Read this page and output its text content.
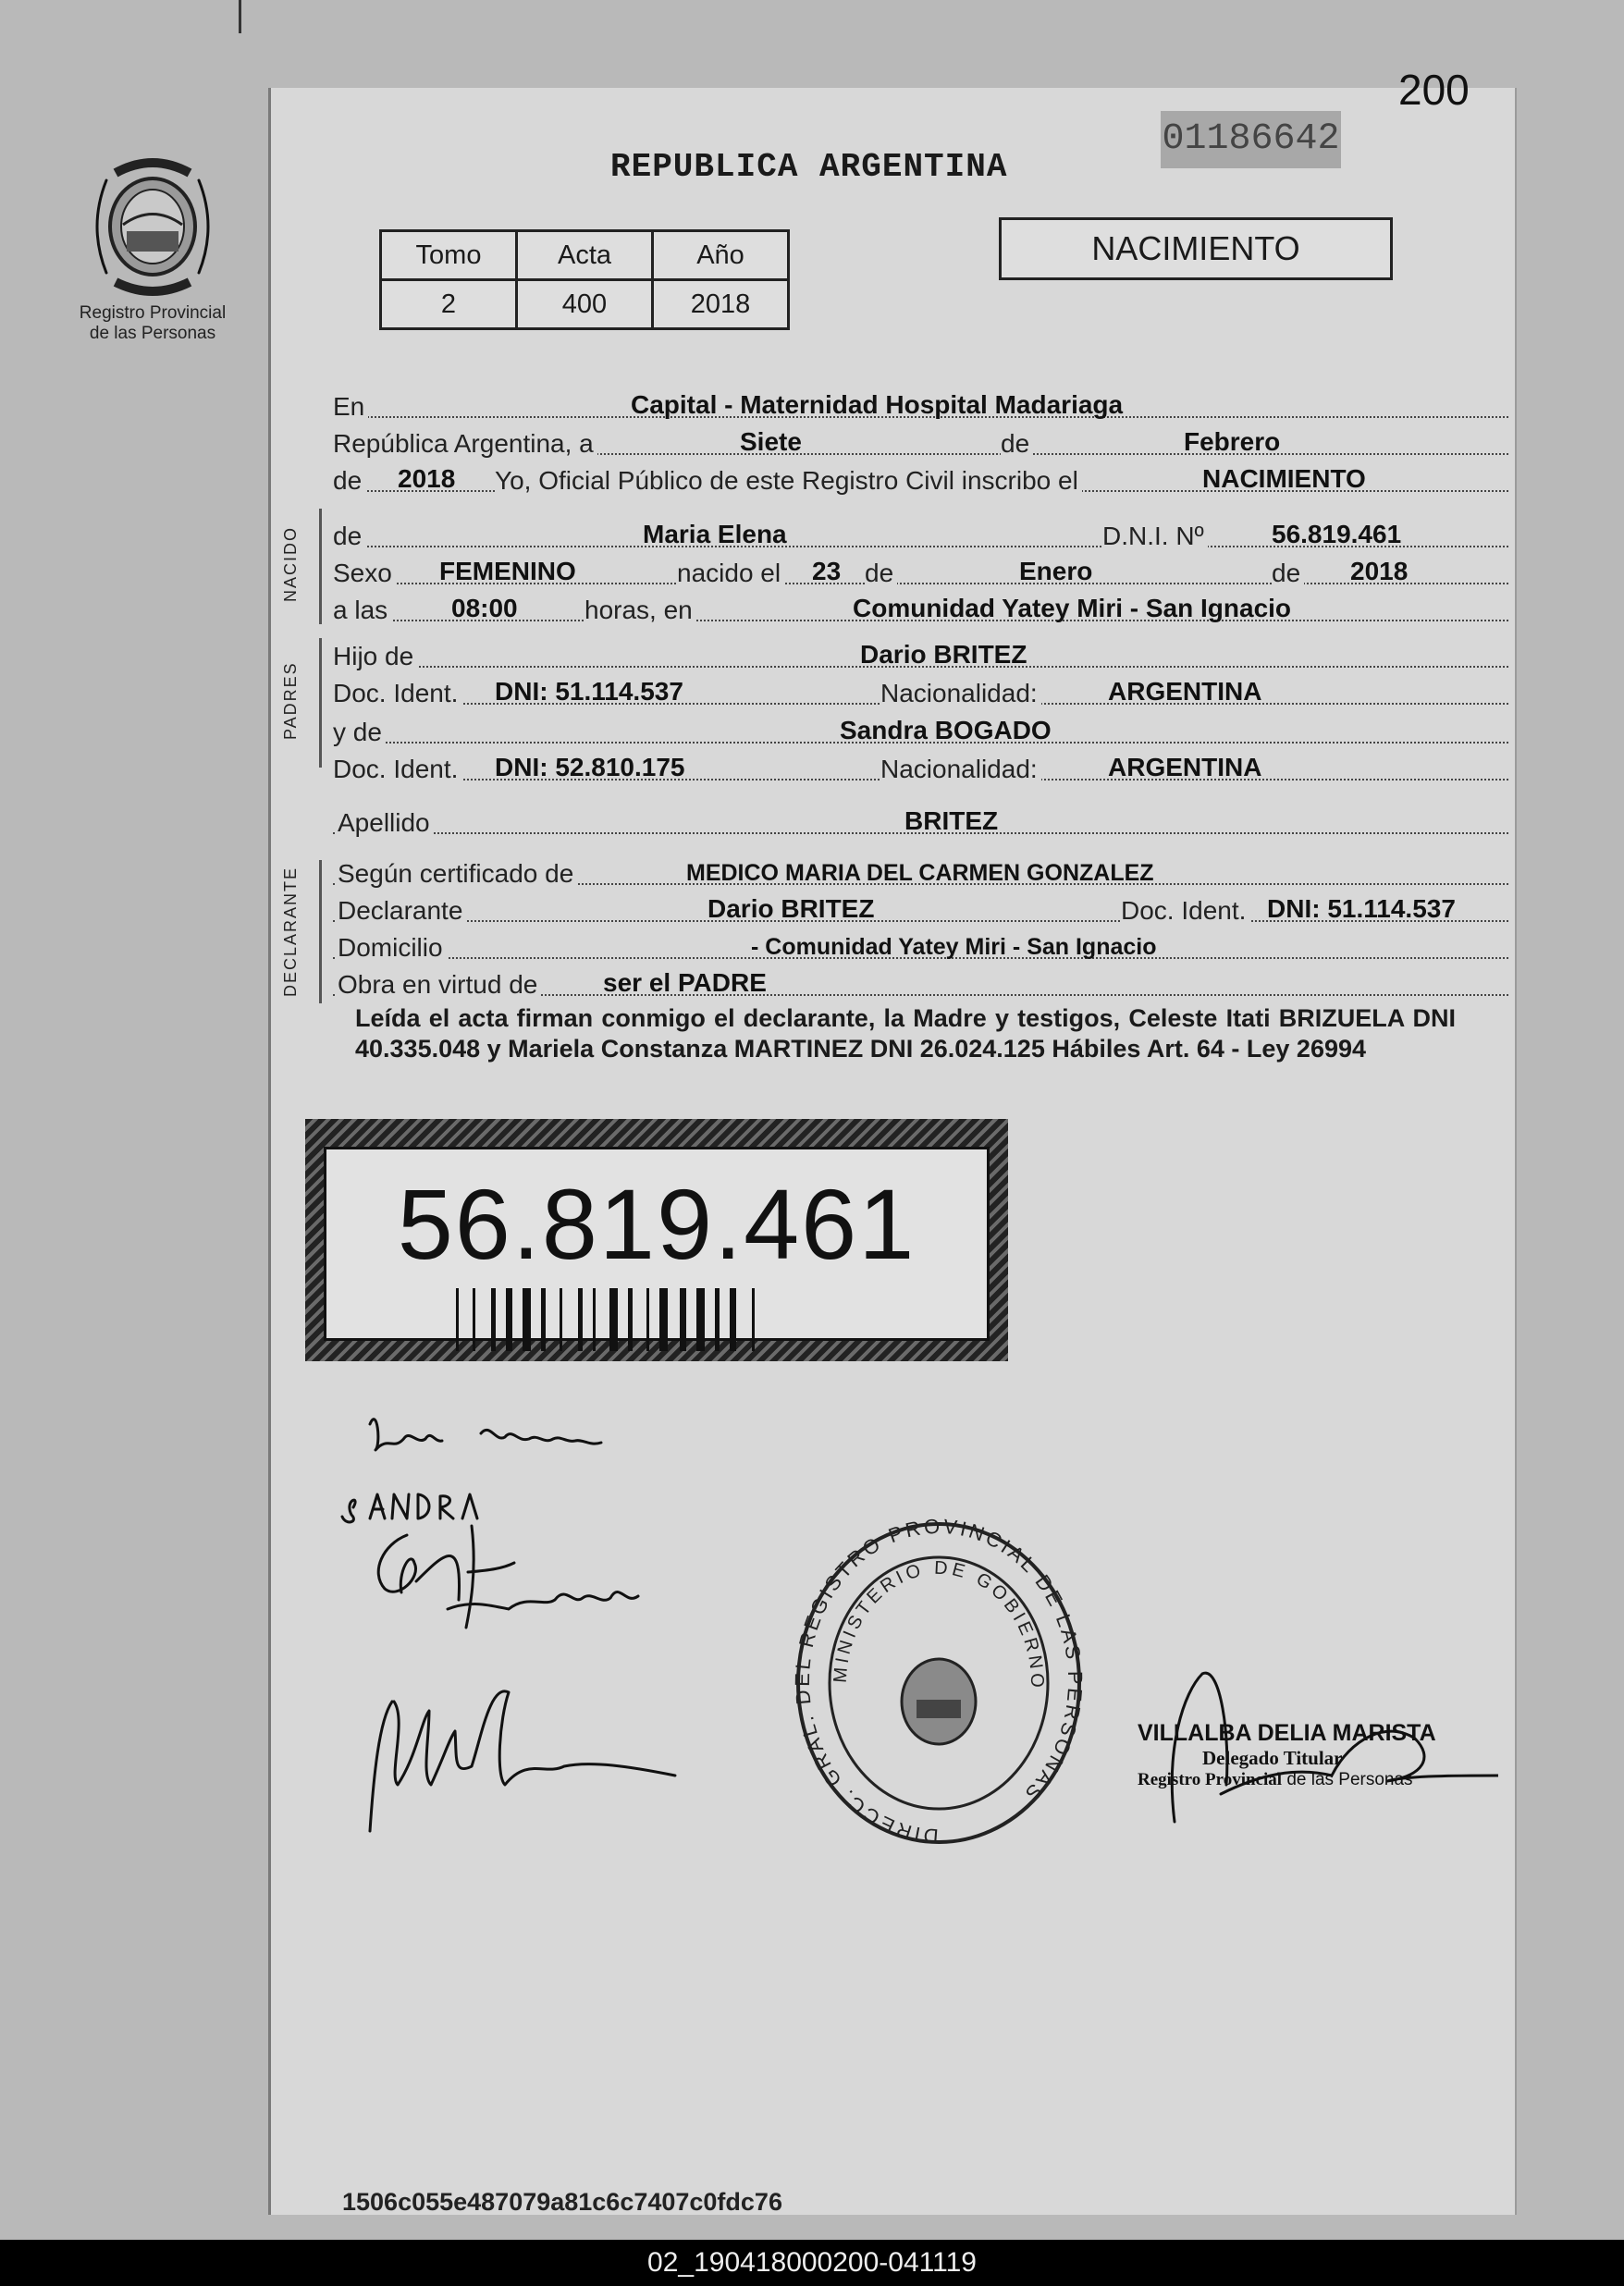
Registro Provincial
de las Personas
200
01186642
REPUBLICA ARGENTINA
Tomo	Acta	Año
2	400	2018
NACIMIENTO
En	Capital - Maternidad Hospital Madariaga
República Argentina, a	Siete	de	Febrero
de 2018 Yo, Oficial Público de este Registro Civil inscribo el	NACIMIENTO
NACIDO	de	Maria Elena	D.N.I. Nº	56.819.461
Sexo FEMENINO	nacido el 23 de	Enero	de 2018
a las 08:00	horas, en	Comunidad Yatey Miri - San Ignacio
PADRES
Hijo de	Dario BRITEZ
Doc. Ident. DNI: 51.114.537	Nacionalidad:	ARGENTINA
y de	Sandra BOGADO
Doc. Ident. DNI: 52.810.175	Nacionalidad:	ARGENTINA
Apellido	BRITEZ
DECLARANTE	Según certificado de	MEDICO MARIA DEL CARMEN GONZALEZ
Declarante	Dario BRITEZ	Doc. Ident. DNI: 51.114.537
Domicilio	- Comunidad Yatey Miri - San Ignacio
Obra en virtud de	ser el PADRE
Leída el acta firman conmigo el declarante, la Madre y testigos, Celeste Itati BRIZUELA DNI 40.335.048 y Mariela Constanza MARTINEZ DNI 26.024.125 Hábiles Art. 64 - Ley 26994
56.819.461
DIRECC. GRAL. DEL REGISTRO PROVINCIAL DE LAS PERSONAS
MINISTERIO DE GOBIERNO
VILLALBA DELIA MARISTA
Delegado Titular
Registro Provincial de las Personas
1506c055e487079a81c6c7407c0fdc76
02_190418000200-041119
